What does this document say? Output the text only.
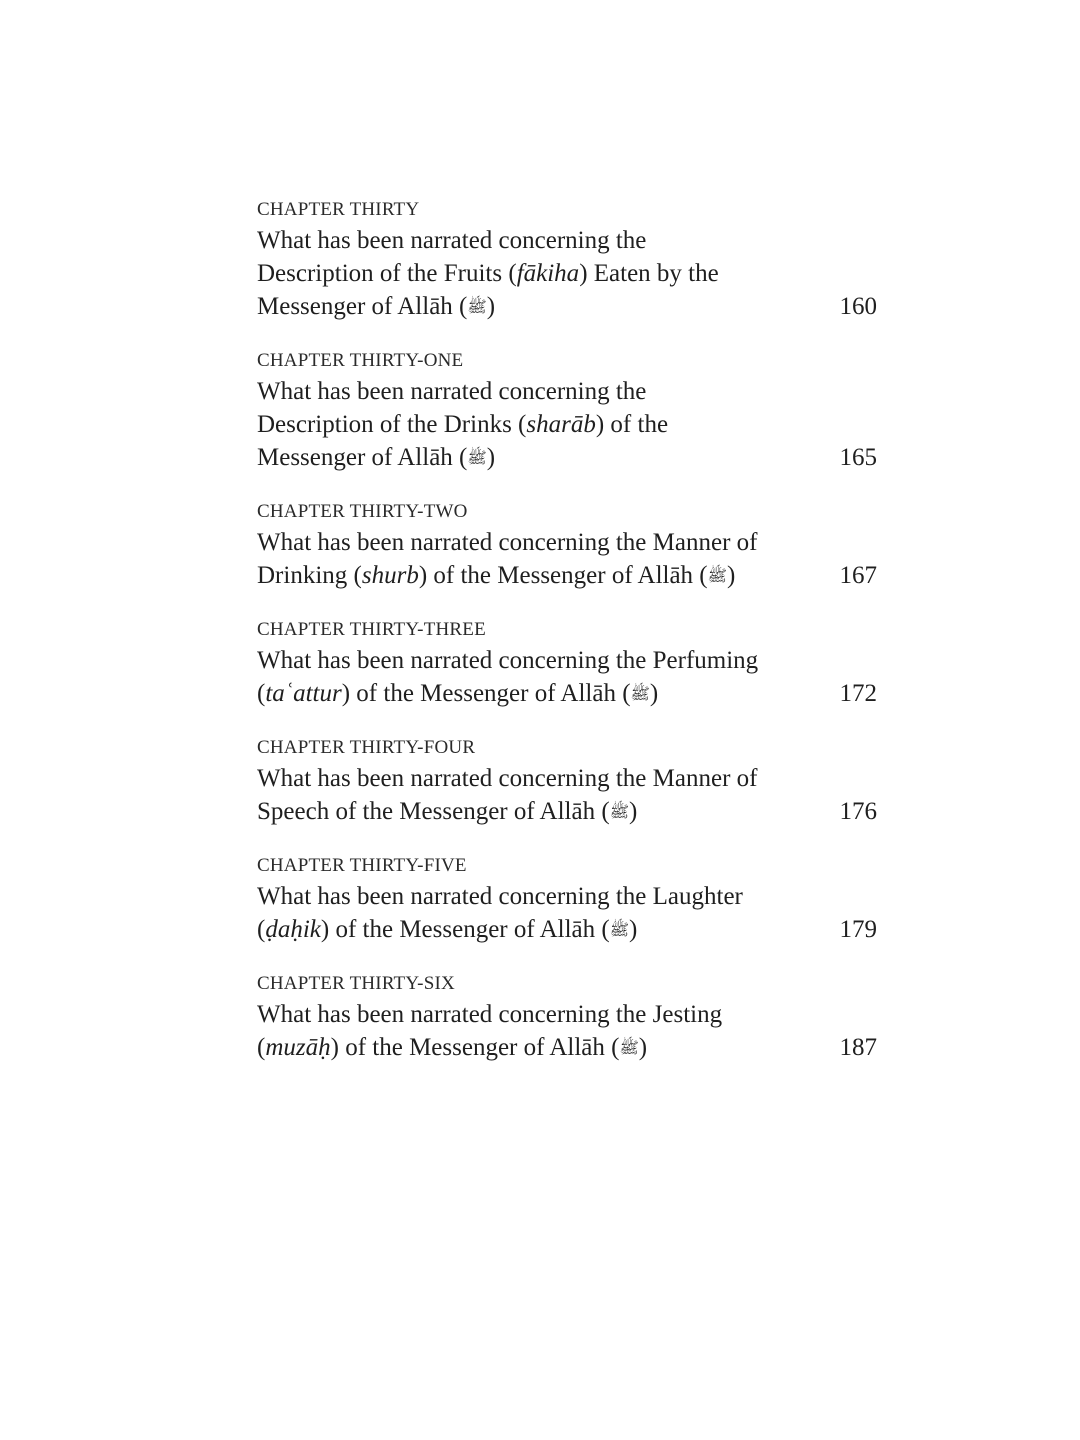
CHAPTER THIRTY
What has been narrated concerning the
Description of the Fruits (fākiha) Eaten by the
Messenger of Allāh (ﷺ)	160
CHAPTER THIRTY-ONE
What has been narrated concerning the
Description of the Drinks (sharāb) of the
Messenger of Allāh (ﷺ)	165
CHAPTER THIRTY-TWO
What has been narrated concerning the Manner of
Drinking (shurb) of the Messenger of Allāh (ﷺ)	167
CHAPTER THIRTY-THREE
What has been narrated concerning the Perfuming
(taʿattur) of the Messenger of Allāh (ﷺ)	172
CHAPTER THIRTY-FOUR
What has been narrated concerning the Manner of
Speech of the Messenger of Allāh (ﷺ)	176
CHAPTER THIRTY-FIVE
What has been narrated concerning the Laughter
(ḍaḥik) of the Messenger of Allāh (ﷺ)	179
CHAPTER THIRTY-SIX
What has been narrated concerning the Jesting
(muzāḥ) of the Messenger of Allāh (ﷺ)	187
